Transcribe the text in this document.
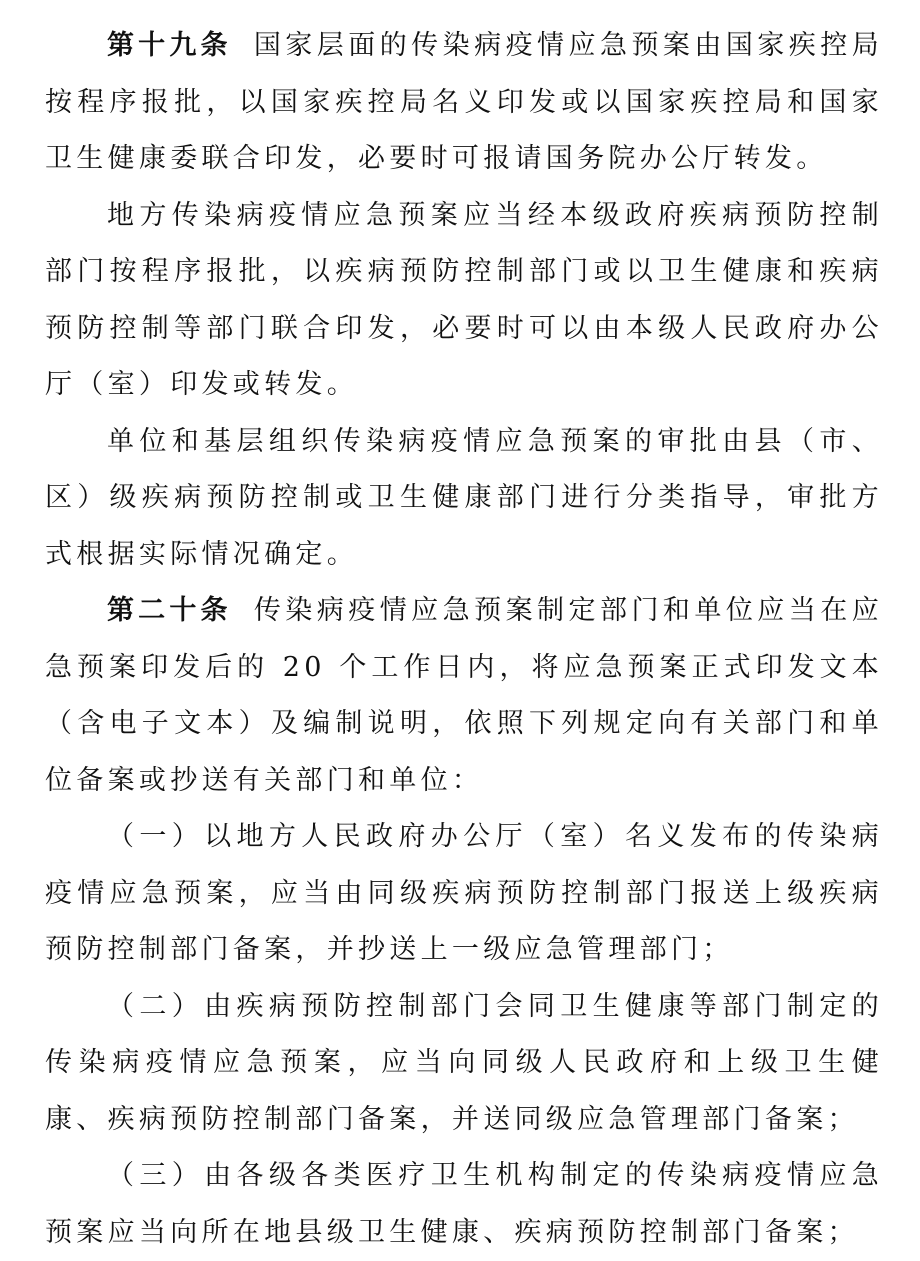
第十九条 国家层面的传染病疫情应急预案由国家疾控局按程序报批，以国家疾控局名义印发或以国家疾控局和国家卫生健康委联合印发，必要时可报请国务院办公厅转发。

地方传染病疫情应急预案应当经本级政府疾病预防控制部门按程序报批，以疾病预防控制部门或以卫生健康和疾病预防控制等部门联合印发，必要时可以由本级人民政府办公厅（室）印发或转发。

单位和基层组织传染病疫情应急预案的审批由县（市、区）级疾病预防控制或卫生健康部门进行分类指导，审批方式根据实际情况确定。

第二十条 传染病疫情应急预案制定部门和单位应当在应急预案印发后的 20 个工作日内，将应急预案正式印发文本（含电子文本）及编制说明，依照下列规定向有关部门和单位备案或抄送有关部门和单位：

（一）以地方人民政府办公厅（室）名义发布的传染病疫情应急预案，应当由同级疾病预防控制部门报送上级疾病预防控制部门备案，并抄送上一级应急管理部门；

（二）由疾病预防控制部门会同卫生健康等部门制定的传染病疫情应急预案，应当向同级人民政府和上级卫生健康、疾病预防控制部门备案，并送同级应急管理部门备案；

（三）由各级各类医疗卫生机构制定的传染病疫情应急预案应当向所在地县级卫生健康、疾病预防控制部门备案；
